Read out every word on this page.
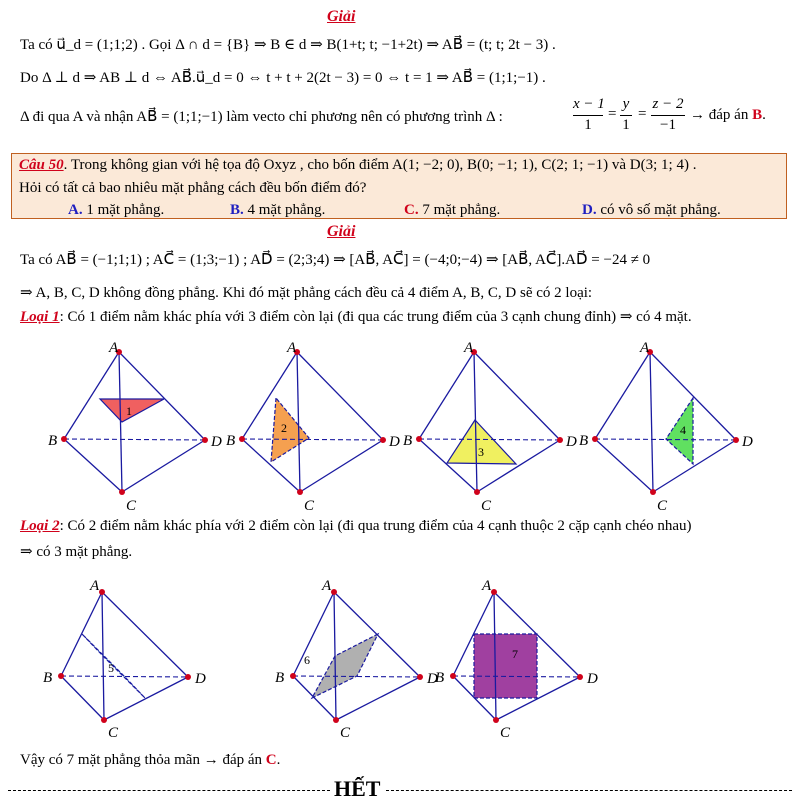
Giải
Ta có u⃗_d = (1;1;2) . Gọi Δ ∩ d = {B} ⇒ B ∈ d ⇒ B(1+t; t; −1+2t) ⇒ AB⃗ = (t; t; 2t − 3) .
Do Δ ⊥ d ⇒ AB ⊥ d ⇔ AB⃗.u⃗_d = 0 ⇔ t + t + 2(2t − 3) = 0 ⇔ t = 1 ⇒ AB⃗ = (1;1;−1) .
Δ đi qua A và nhận AB⃗ = (1;1;−1) làm vecto chỉ phương nên có phương trình Δ :
x − 1
1
=
y
1
=
z − 2
−1
→ đáp án B.
Câu 50. Trong không gian với hệ tọa độ Oxyz , cho bốn điểm A(1; −2; 0), B(0; −1; 1), C(2; 1; −1) và D(3; 1; 4) .
Hỏi có tất cả bao nhiêu mặt phẳng cách đều bốn điểm đó?
A. 1 mặt phẳng.	B. 4 mặt phẳng.	C. 7 mặt phẳng.	D. có vô số mặt phẳng.
Giải
Ta có AB⃗ = (−1;1;1) ; AC⃗ = (1;3;−1) ; AD⃗ = (2;3;4) ⇒ [AB⃗, AC⃗] = (−4;0;−4) ⇒ [AB⃗, AC⃗].AD⃗ = −24 ≠ 0
⇒ A, B, C, D không đồng phẳng. Khi đó mặt phẳng cách đều cả 4 điểm A, B, C, D sẽ có 2 loại:
Loại 1: Có 1 điểm nằm khác phía với 3 điểm còn lại (đi qua các trung điểm của 3 cạnh chung đỉnh) ⇒ có 4 mặt.
1
2
3
4
A
B
C
D
A
B
C
D
A
B
C
D
A
B
C
D
Loại 2: Có 2 điểm nằm khác phía với 2 điểm còn lại (đi qua trung điểm của 4 cạnh thuộc 2 cặp cạnh chéo nhau)
⇒ có 3 mặt phẳng.
5
6	7
A
B
C
D
A
B
C
D
A
B
C
D
Vậy có 7 mặt phẳng thỏa mãn → đáp án C.
HẾT
